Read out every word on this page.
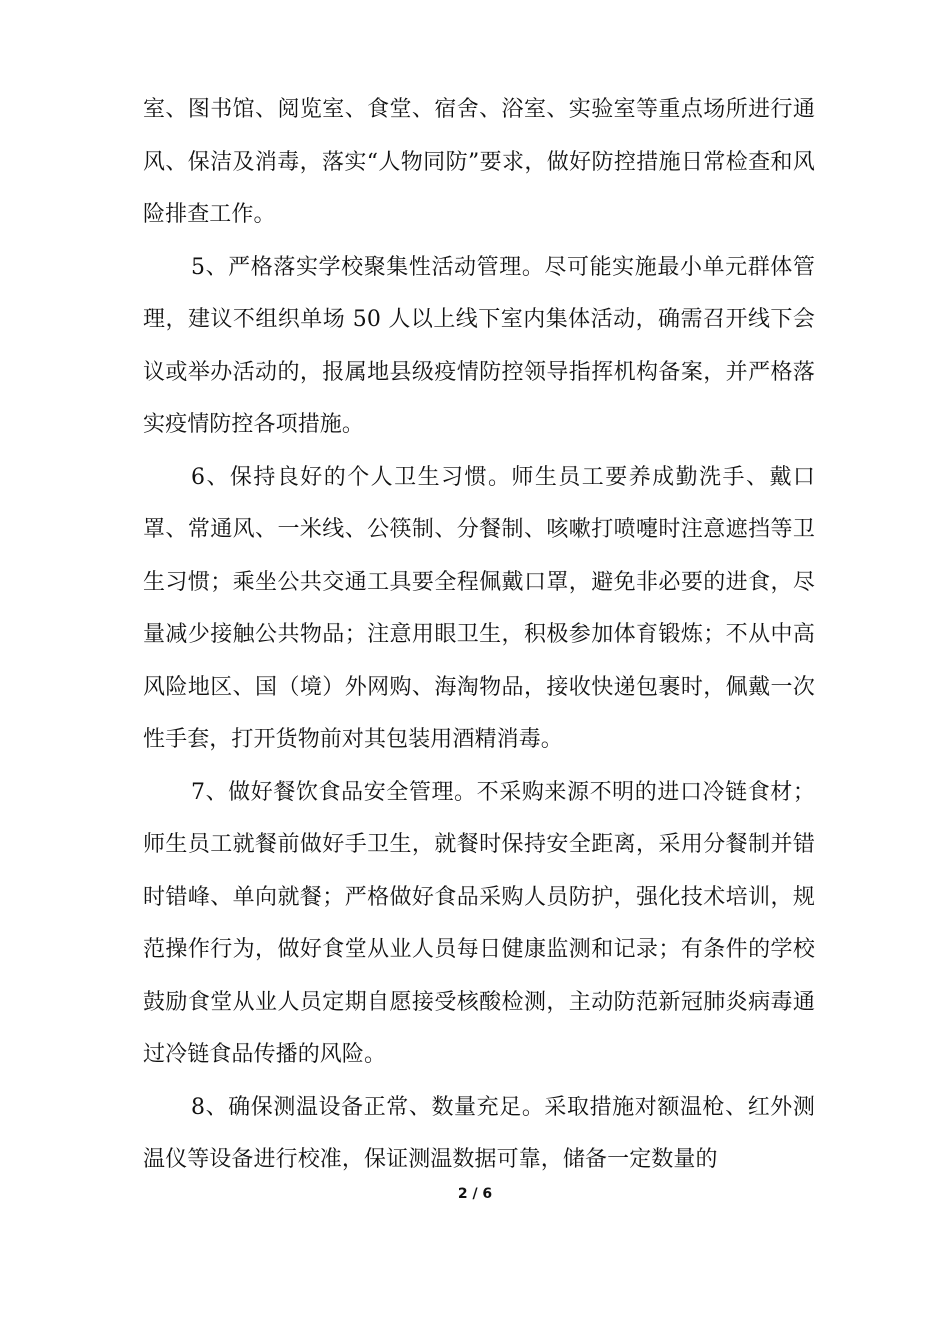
室、图书馆、阅览室、食堂、宿舍、浴室、实验室等重点场所进行通风、保洁及消毒，落实“人物同防”要求，做好防控措施日常检查和风险排查工作。

5、严格落实学校聚集性活动管理。尽可能实施最小单元群体管理，建议不组织单场 50 人以上线下室内集体活动，确需召开线下会议或举办活动的，报属地县级疫情防控领导指挥机构备案，并严格落实疫情防控各项措施。

6、保持良好的个人卫生习惯。师生员工要养成勤洗手、戴口罩、常通风、一米线、公筷制、分餐制、咳嗽打喷嚏时注意遮挡等卫生习惯；乘坐公共交通工具要全程佩戴口罩，避免非必要的进食，尽量减少接触公共物品；注意用眼卫生，积极参加体育锻炼；不从中高风险地区、国（境）外网购、海淘物品，接收快递包裹时，佩戴一次性手套，打开货物前对其包装用酒精消毒。

7、做好餐饮食品安全管理。不采购来源不明的进口冷链食材；师生员工就餐前做好手卫生，就餐时保持安全距离，采用分餐制并错时错峰、单向就餐；严格做好食品采购人员防护，强化技术培训，规范操作行为，做好食堂从业人员每日健康监测和记录；有条件的学校鼓励食堂从业人员定期自愿接受核酸检测，主动防范新冠肺炎病毒通过冷链食品传播的风险。

8、确保测温设备正常、数量充足。采取措施对额温枪、红外测温仪等设备进行校准，保证测温数据可靠，储备一定数量的

2 / 6
